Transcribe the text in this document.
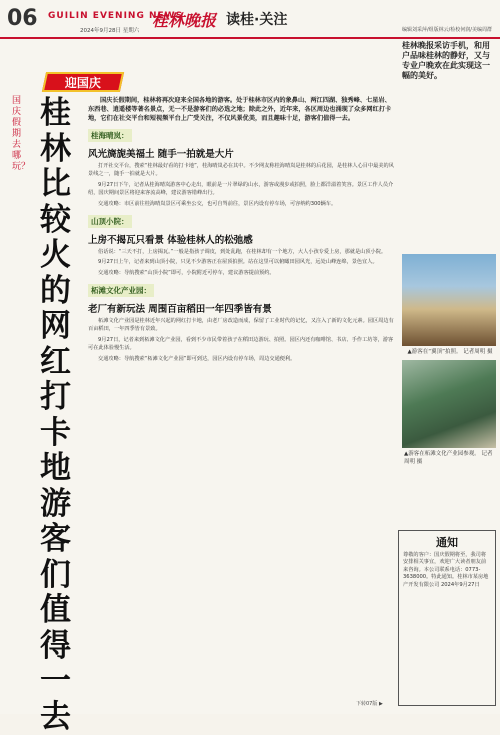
06 GUILIN EVENING NEWS
2024年9月28日 星期六
桂林晚报 读桂·关注
编辑刘采萍/组版林云/检校何润/美编周群
桂林晚报采访手机，和用户品味桂林的静好，又与专业户晚欢在此实现这一幅的美好。
迎国庆
国庆假期去哪玩？
桂林比较火的网红打卡地 游客们值得一去
国庆长假期间，桂林将再次迎来全国各地的游客。处于桂林市区内的象鼻山、两江四湖、独秀峰、七星岩、东西巷、逍遥楼等著名景点，无一不是游客们的必选之地；除此之外，近年来，各区周边也涌现了众多网红打卡地，它们在社交平台和短视频平台上广受关注，不仅风景优美，而且趣味十足，游客们值得一去。
桂海晴岚：
风光旖旎美福土 随手一拍就是大片
打开社交平台，搜索“桂林最好看的打卡地”，桂海晴岚必在其中。不少网友称桂海晴岚是桂林的后花园，是桂林人心目中最美的风景线之一，随手一拍就是大片。
9月27日下午，记者从桂海晴岚游客中心走出，眼前是一片翠绿的山水，游客或漫步或拍照，脸上都洋溢着笑容。景区工作人员介绍，国庆期间景区将迎来客流高峰，建议游客错峰出行。
交通攻略：市区前往桂海晴岚景区可乘坐公交，也可自驾前往，景区内设有停车场，可容纳约300辆车。
山顶小院：
上房不揭瓦只看景 体验桂林人的松弛感
俗话说：“三天不打，上房揭瓦。”一般是指孩子调皮，到处乱跑，在桂林却有一个地方，大人小孩专爱上房，那就是山顶小院。
9月27日上午，记者来到山顶小院，只见不少游客正在屋顶拍照。站在这里可以俯瞰田园风光，远处山峰连绵，景色宜人。
交通攻略：导航搜索“山顶小院”即可，小院附近可停车，建议游客提前预约。
柘滩文化产业园：
老厂有新玩法 周围百亩稻田一年四季皆有景
柘滩文化产业园是桂林近年兴起的网红打卡地，由老厂房改造而成，保留了工业时代的记忆，又注入了新的文化元素。园区周边有百亩稻田，一年四季皆有景致。
9月27日，记者来到柘滩文化产业园，看到不少市民带着孩子在稻田边游玩、拍照。园区内还有咖啡馆、书店、手作工坊等，游客可在此体验慢生活。
交通攻略：导航搜索“柘滩文化产业园”即可到达，园区内设有停车场，周边交通便利。
▲游客在“翼顶”拍照。 记者周明 摄
▲游客在柘滩文化产业园参观。 记者周明 摄
通知

尊敬的客户：国庆假期将至，我司将安排相关事宜，欢迎广大读者朋友前来咨询。本公司联系电话：0773-3638000。特此通知。桂林市某房地产开发有限公司 2024年9月27日

下转07版 ▶
